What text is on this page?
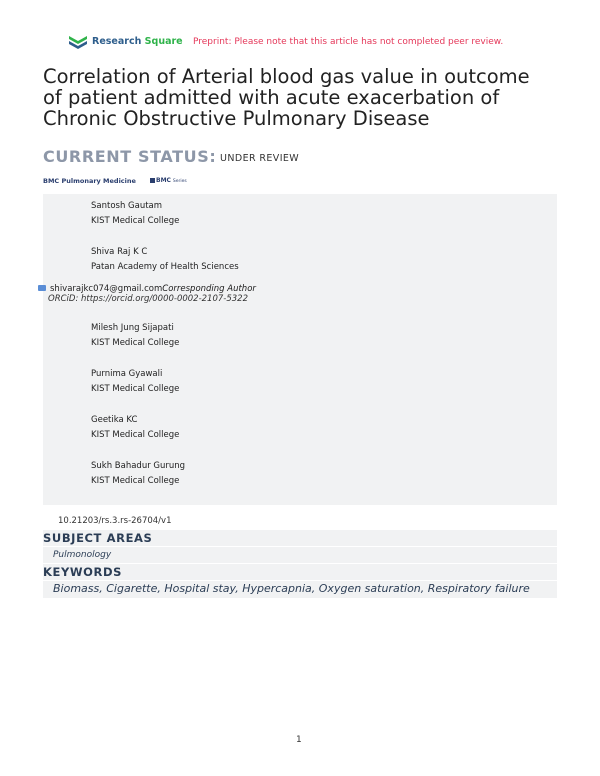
Research Square Preprint: Please note that this article has not completed peer review.
Correlation of Arterial blood gas value in outcome of patient admitted with acute exacerbation of Chronic Obstructive Pulmonary Disease
CURRENT STATUS: UNDER REVIEW
BMC Pulmonary Medicine	BMC Series
Santosh Gautam
KIST Medical College
Shiva Raj K C
Patan Academy of Health Sciences
Milesh Jung Sijapati
KIST Medical College
Purnima Gyawali
KIST Medical College
Geetika KC
KIST Medical College
Sukh Bahadur Gurung
KIST Medical College
shivarajkc074@gmail.comCorresponding Author
ORCiD: https://orcid.org/0000-0002-2107-5322
10.21203/rs.3.rs-26704/v1
SUBJECT AREAS
Pulmonology
KEYWORDS
Biomass, Cigarette, Hospital stay, Hypercapnia, Oxygen saturation, Respiratory failure
1
